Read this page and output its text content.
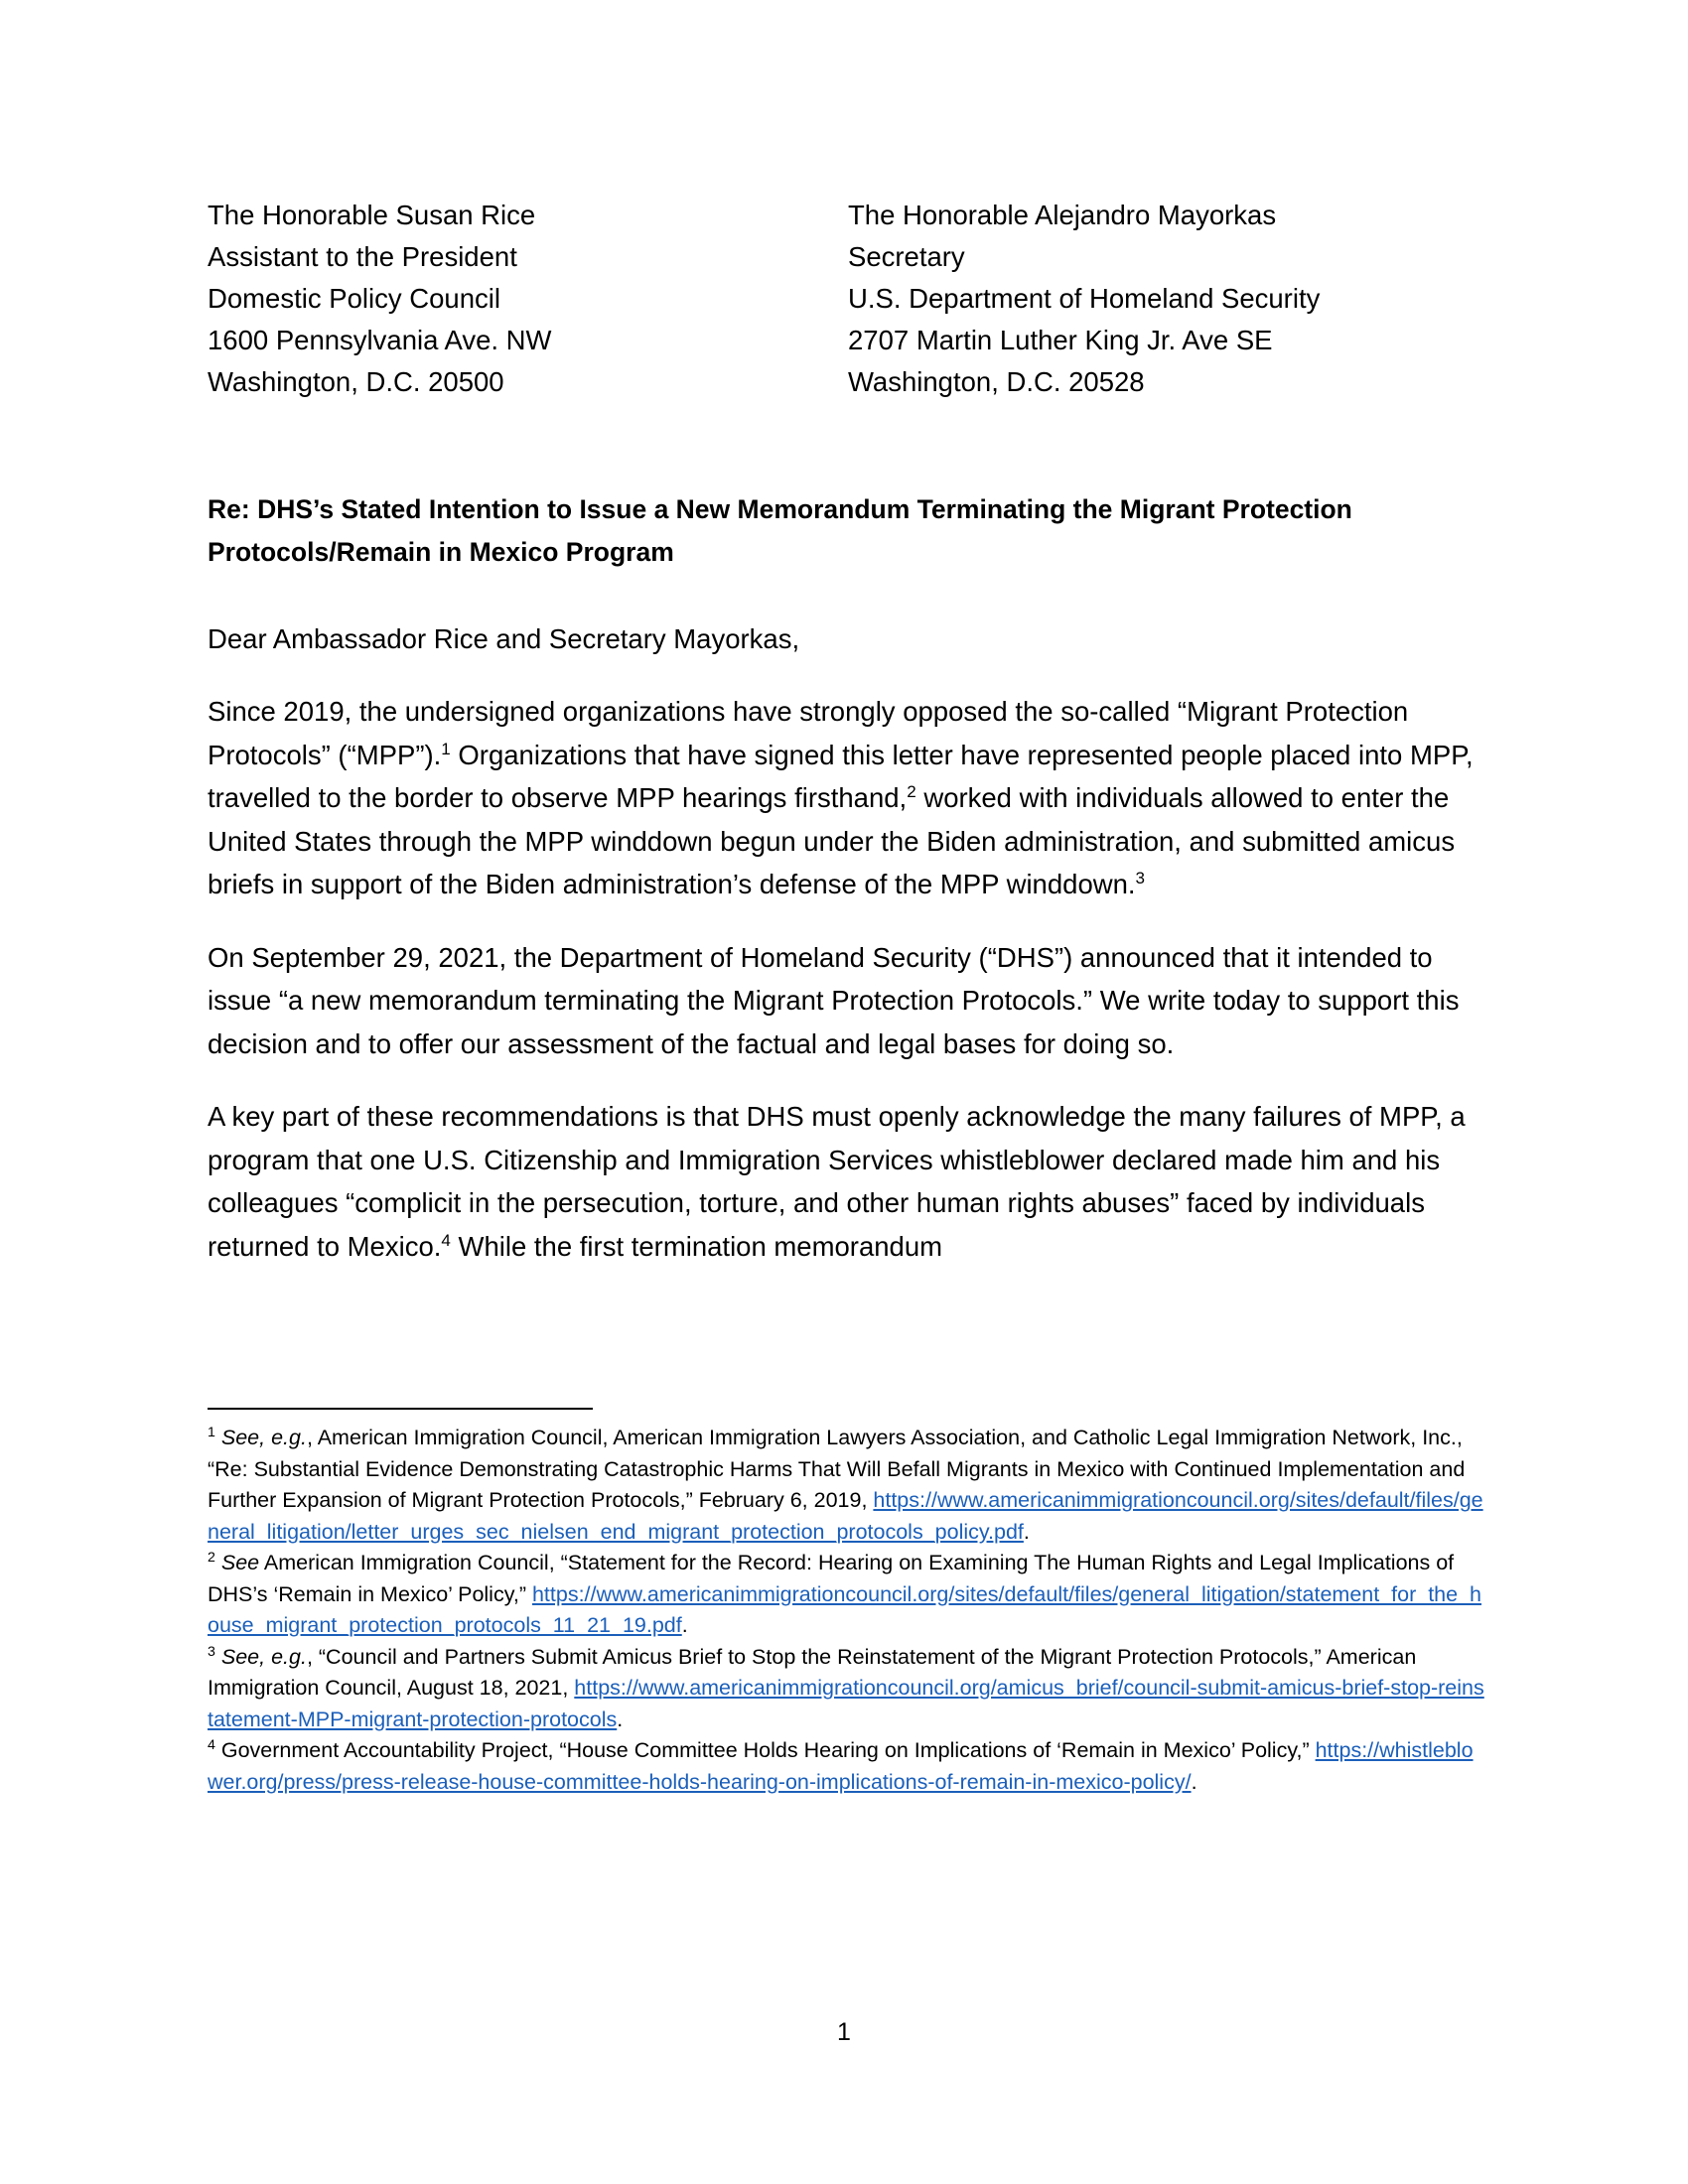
The Honorable Susan Rice
Assistant to the President
Domestic Policy Council
1600 Pennsylvania Ave. NW
Washington, D.C. 20500
The Honorable Alejandro Mayorkas
Secretary
U.S. Department of Homeland Security
2707 Martin Luther King Jr. Ave SE
Washington, D.C. 20528
Re: DHS’s Stated Intention to Issue a New Memorandum Terminating the Migrant Protection Protocols/Remain in Mexico Program
Dear Ambassador Rice and Secretary Mayorkas,

Since 2019, the undersigned organizations have strongly opposed the so-called “Migrant Protection Protocols” (“MPP”).$^1$ Organizations that have signed this letter have represented people placed into MPP, travelled to the border to observe MPP hearings firsthand,$^2$ worked with individuals allowed to enter the United States through the MPP winddown begun under the Biden administration, and submitted amicus briefs in support of the Biden administration’s defense of the MPP winddown.$^3$

On September 29, 2021, the Department of Homeland Security (“DHS”) announced that it intended to issue “a new memorandum terminating the Migrant Protection Protocols.” We write today to support this decision and to offer our assessment of the factual and legal bases for doing so.

A key part of these recommendations is that DHS must openly acknowledge the many failures of MPP, a program that one U.S. Citizenship and Immigration Services whistleblower declared made him and his colleagues “complicit in the persecution, torture, and other human rights abuses” faced by individuals returned to Mexico.$^4$ While the first termination memorandum

$^1$ See, e.g., American Immigration Council, American Immigration Lawyers Association, and Catholic Legal Immigration Network, Inc., “Re: Substantial Evidence Demonstrating Catastrophic Harms That Will Befall Migrants in Mexico with Continued Implementation and Further Expansion of Migrant Protection Protocols,” February 6, 2019, https://www.americanimmigrationcouncil.org/sites/default/files/general_litigation/letter_urges_sec_nielsen_end_migrant_protection_protocols_policy.pdf.

$^2$ See American Immigration Council, “Statement for the Record: Hearing on Examining The Human Rights and Legal Implications of DHS’s ‘Remain in Mexico’ Policy,” https://www.americanimmigrationcouncil.org/sites/default/files/general_litigation/statement_for_the_house_migrant_protection_protocols_11_21_19.pdf.

$^3$ See, e.g., “Council and Partners Submit Amicus Brief to Stop the Reinstatement of the Migrant Protection Protocols,” American Immigration Council, August 18, 2021, https://www.americanimmigrationcouncil.org/amicus_brief/council-submit-amicus-brief-stop-reinstatement-MPP-migrant-protection-protocols.

$^4$ Government Accountability Project, “House Committee Holds Hearing on Implications of ‘Remain in Mexico’ Policy,” https://whistleblower.org/press/press-release-house-committee-holds-hearing-on-implications-of-remain-in-mexico-policy/.

1
